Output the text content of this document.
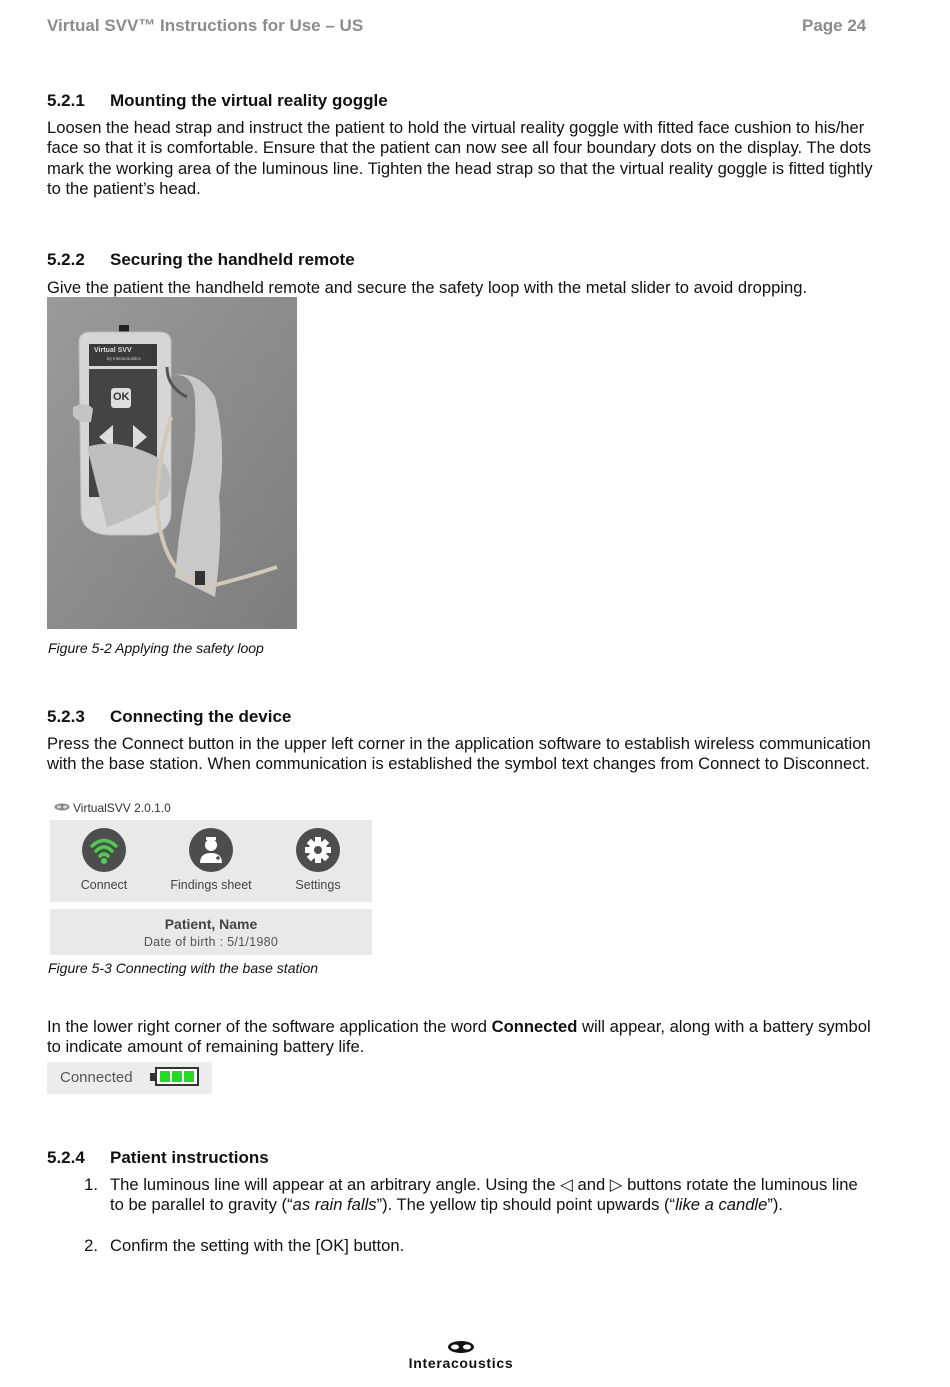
Virtual SVV™ Instructions for Use – US	Page 24
5.2.1 Mounting the virtual reality goggle
Loosen the head strap and instruct the patient to hold the virtual reality goggle with fitted face cushion to his/her face so that it is comfortable. Ensure that the patient can now see all four boundary dots on the display. The dots mark the working area of the luminous line. Tighten the head strap so that the virtual reality goggle is fitted tightly to the patient’s head.
5.2.2 Securing the handheld remote
Give the patient the handheld remote and secure the safety loop with the metal slider to avoid dropping.
Virtual SVV
by Interacoustics
OK
Figure 5-2 Applying the safety loop
5.2.3 Connecting the device
Press the Connect button in the upper left corner in the application software to establish wireless communication with the base station. When communication is established the symbol text changes from Connect to Disconnect.
VirtualSVV 2.0.1.0
Connect	Findings sheet	Settings
Patient, Name
Date of birth : 5/1/1980
Figure 5-3 Connecting with the base station
In the lower right corner of the software application the word Connected will appear, along with a battery symbol to indicate amount of remaining battery life.
Connected
5.2.4 Patient instructions
1. The luminous line will appear at an arbitrary angle. Using the ◁ and ▷ buttons rotate the luminous line to be parallel to gravity (“as rain falls”). The yellow tip should point upwards (“like a candle”).
2. Confirm the setting with the [OK] button.
Interacoustics
